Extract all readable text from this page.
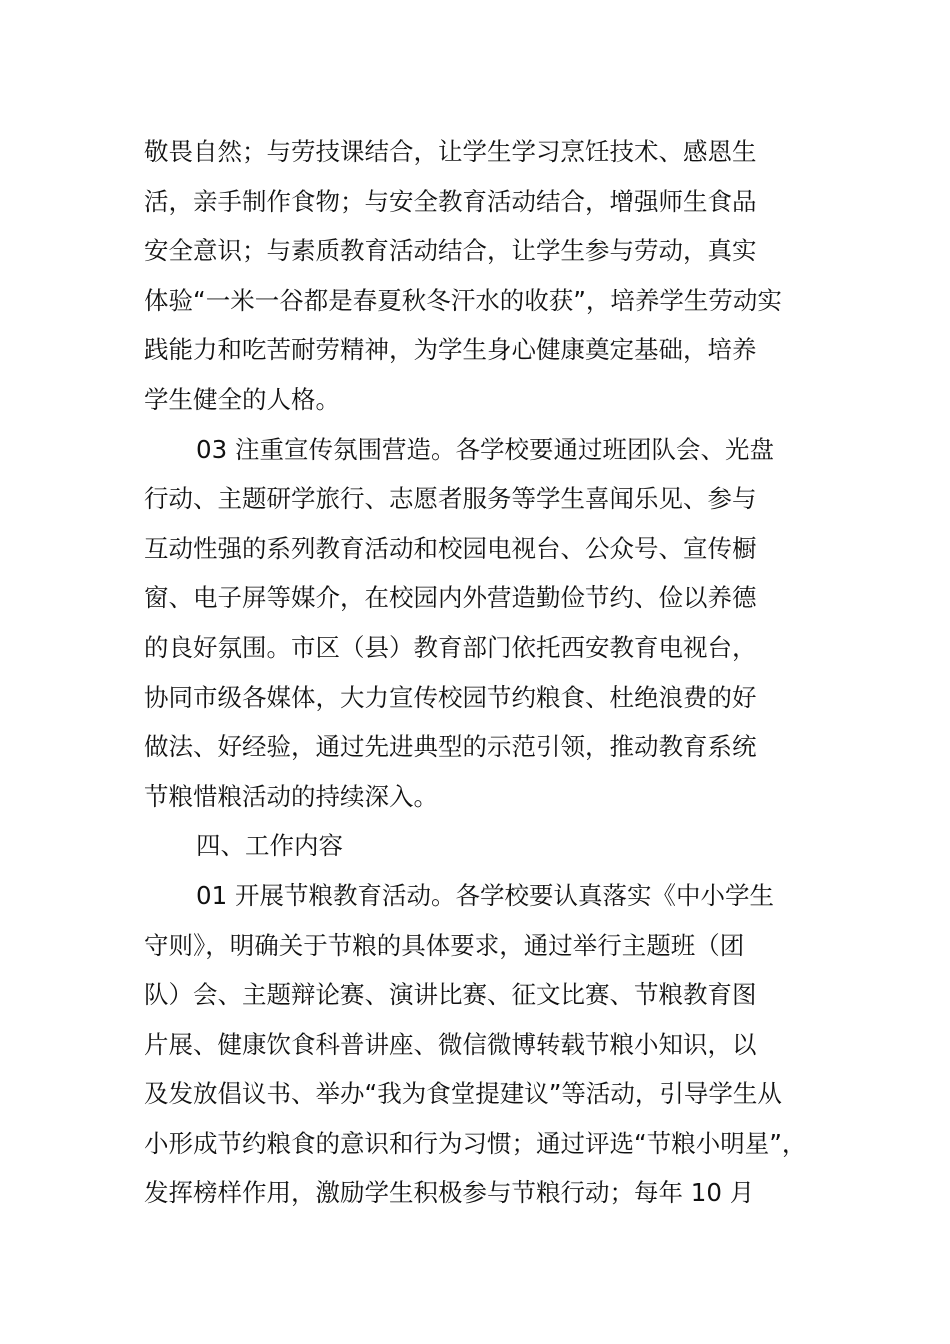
敬畏自然；与劳技课结合，让学生学习烹饪技术、感恩生
活，亲手制作食物；与安全教育活动结合，增强师生食品
安全意识；与素质教育活动结合，让学生参与劳动，真实
体验“一米一谷都是春夏秋冬汗水的收获”，培养学生劳动实
践能力和吃苦耐劳精神，为学生身心健康奠定基础，培养
学生健全的人格。
03 注重宣传氛围营造。各学校要通过班团队会、光盘
行动、主题研学旅行、志愿者服务等学生喜闻乐见、参与
互动性强的系列教育活动和校园电视台、公众号、宣传橱
窗、电子屏等媒介，在校园内外营造勤俭节约、俭以养德
的良好氛围。市区（县）教育部门依托西安教育电视台，
协同市级各媒体，大力宣传校园节约粮食、杜绝浪费的好
做法、好经验，通过先进典型的示范引领，推动教育系统
节粮惜粮活动的持续深入。
四、工作内容
01 开展节粮教育活动。各学校要认真落实《中小学生
守则》，明确关于节粮的具体要求，通过举行主题班（团
队）会、主题辩论赛、演讲比赛、征文比赛、节粮教育图
片展、健康饮食科普讲座、微信微博转载节粮小知识，以
及发放倡议书、举办“我为食堂提建议”等活动，引导学生从
小形成节约粮食的意识和行为习惯；通过评选“节粮小明星”，
发挥榜样作用，激励学生积极参与节粮行动；每年 10 月
